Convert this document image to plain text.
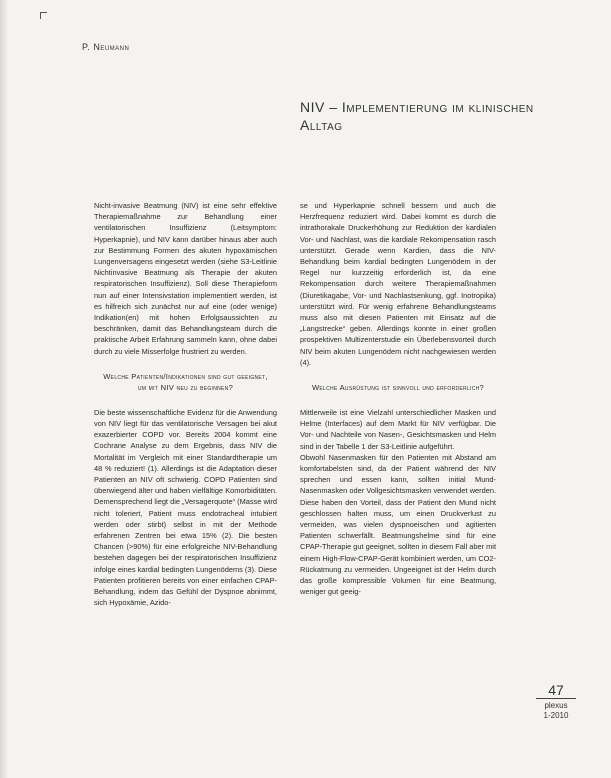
P. Neumann
NIV – Implementierung im klinischen Alltag

Nicht-invasive Beatmung (NIV) ist eine sehr effektive Therapiemaßnahme zur Behandlung einer ventilatorischen Insuffizienz (Leitsymptom: Hyperkapnie), und NIV kann darüber hinaus aber auch zur Bestimmung Formen des akuten hypoxämischen Lungenversagens eingesetzt werden (siehe S3-Leitlinie Nichtinvasive Beatmung als Therapie der akuten respiratorischen Insuffizienz). Soll diese Therapieform nun auf einer Intensivstation implementiert werden, ist es hilfreich sich zunächst nur auf eine (oder wenige) Indikation(en) mit hohen Erfolgsaussichten zu beschränken, damit das Behandlungsteam durch die praktische Arbeit Erfahrung sammeln kann, ohne dabei durch zu viele Misserfolge frustriert zu werden.

Welche Patienten/Indikationen sind gut geeignet, um mit NIV neu zu beginnen?

Die beste wissenschaftliche Evidenz für die Anwendung von NIV liegt für das ventilatorische Versagen bei akut exazerbierter COPD vor. Bereits 2004 kommt eine Cochrane Analyse zu dem Ergebnis, dass NIV die Mortalität im Vergleich mit einer Standardtherapie um 48 % reduziert! (1). Allerdings ist die Adaptation dieser Patienten an NIV oft schwierig. COPD Patienten sind überwiegend älter und haben vielfältige Komorbiditäten. Demensprechend liegt die „Versagerquote“ (Masse wird nicht toleriert, Patient muss endotracheal intubiert werden oder stirbt) selbst in mit der Methode erfahrenen Zentren bei etwa 15% (2). Die besten Chancen (>90%) für eine erfolgreiche NIV-Behandlung bestehen dagegen bei der respiratorischen Insuffizienz infolge eines kardial bedingten Lungenödems (3). Diese Patienten profitieren bereits von einer einfachen CPAP-Behandlung, indem das Gefühl der Dyspnoe abnimmt, sich Hypoxämie, Azido-

se und Hyperkapnie schnell bessern und auch die Herzfrequenz reduziert wird. Dabei kommt es durch die intrathorakale Druckerhöhung zur Reduktion der kardialen Vor- und Nachlast, was die kardiale Rekompensation rasch unterstützt. Gerade wenn Kardien, dass die NIV-Behandlung beim kardial bedingten Lungenödem in der Regel nur kurzzeitig erforderlich ist, da eine Rekompensation durch weitere Therapiemaßnahmen (Diuretikagabe, Vor- und Nachlastsenkung, ggf. Inotropika) unterstützt wird. Für wenig erfahrene Behandlungsteams muss also mit diesen Patienten mit Einsatz auf die „Langstrecke“ geben. Allerdings konnte in einer großen prospektiven Multizenterstudie ein Überlebensvorteil durch NIV beim akuten Lungenödem nicht nachgewiesen werden (4).

Welche Ausrüstung ist sinnvoll und erforderlich?

Mittlerweile ist eine Vielzahl unterschiedlicher Masken und Helme (Interfaces) auf dem Markt für NIV verfügbar. Die Vor- und Nachteile von Nasen-, Gesichtsmasken und Helm sind in der Tabelle 1 der S3-Leitlinie aufgeführt.

Obwohl Nasenmasken für den Patienten mit Abstand am komfortabelsten sind, da der Patient während der NIV sprechen und essen kann, sollten initial Mund-Nasenmasken oder Vollgesichtsmasken verwendet werden. Diese haben den Vorteil, dass der Patient den Mund nicht geschlossen halten muss, um einen Druckverlust zu vermeiden, was vielen dyspnoeischen und agitierten Patienten schwerfällt. Beatmungshelme sind für eine CPAP-Therapie gut geeignet, sollten in diesem Fall aber mit einem High-Flow-CPAP-Gerät kombiniert werden, um CO2-Rückatmung zu vermeiden. Ungeeignet ist der Helm durch das große kompressible Volumen für eine Beatmung, weniger gut geeig-

47
plexus
1-2010
